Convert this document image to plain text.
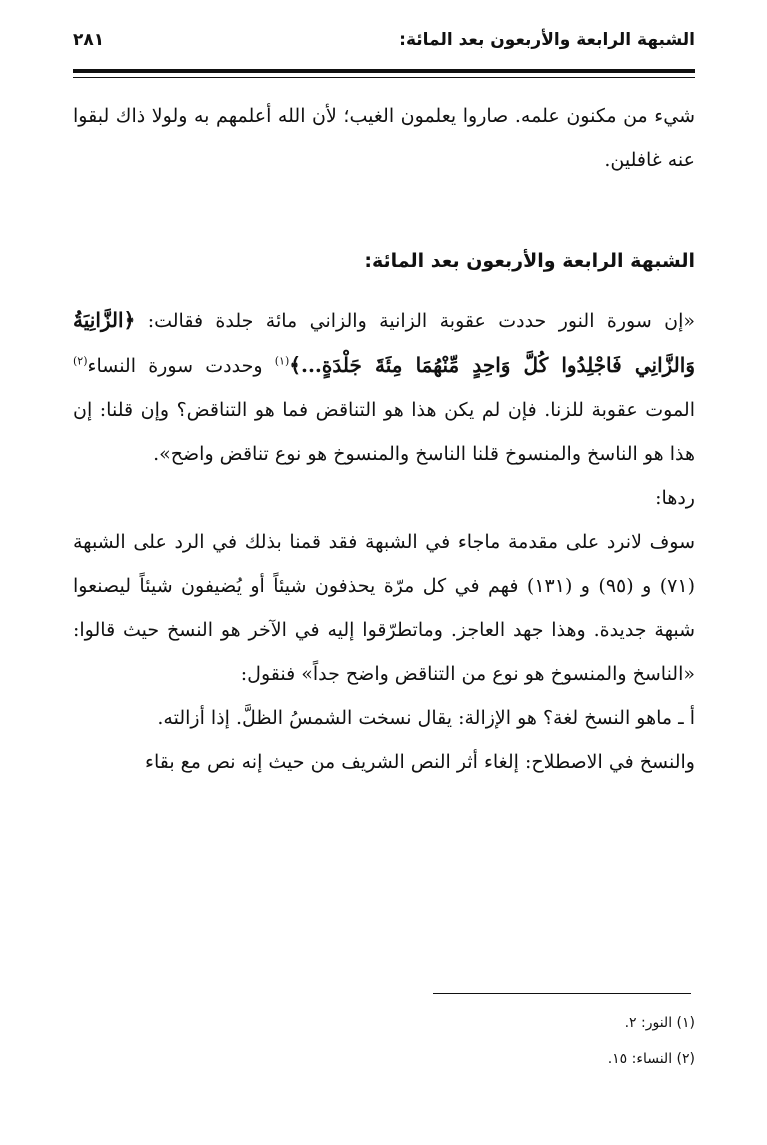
الشبهة الرابعة والأربعون بعد المائة:
٢٨١

شيء من مكنون علمه. صاروا يعلمون الغيب؛ لأن الله أعلمهم به ولولا ذاك لبقوا عنه غافلين.

الشبهة الرابعة والأربعون بعد المائة:

«إن سورة النور حددت عقوبة الزانية والزاني مائة جلدة فقالت: ﴿الزَّانِيَةُ وَالزَّانِي فَاجْلِدُوا كُلَّ وَاحِدٍ مِّنْهُمَا مِئَةَ جَلْدَةٍ...﴾$^{(١)}$ وحددت سورة النساء$^{(٢)}$ الموت عقوبة للزنا. فإن لم يكن هذا هو التناقض فما هو التناقض؟ وإن قلنا: إن هذا هو الناسخ والمنسوخ قلنا الناسخ والمنسوخ هو نوع تناقض واضح».

ردها:

سوف لانرد على مقدمة ماجاء في الشبهة فقد قمنا بذلك في الرد على الشبهة (٧١) و (٩٥) و (١٣١) فهم في كل مرّة يحذفون شيئاً أو يُضيفون شيئاً ليصنعوا شبهة جديدة. وهذا جهد العاجز. وماتطرّقوا إليه في الآخر هو النسخ حيث قالوا: «الناسخ والمنسوخ هو نوع من التناقض واضح جداً» فنقول:

أ ـ ماهو النسخ لغة؟ هو الإزالة: يقال نسخت الشمسُ الظلَّ. إذا أزالته.

والنسخ في الاصطلاح: إلغاء أثر النص الشريف من حيث إنه نص مع بقاء

(١) النور: ٢.

(٢) النساء: ١٥.
